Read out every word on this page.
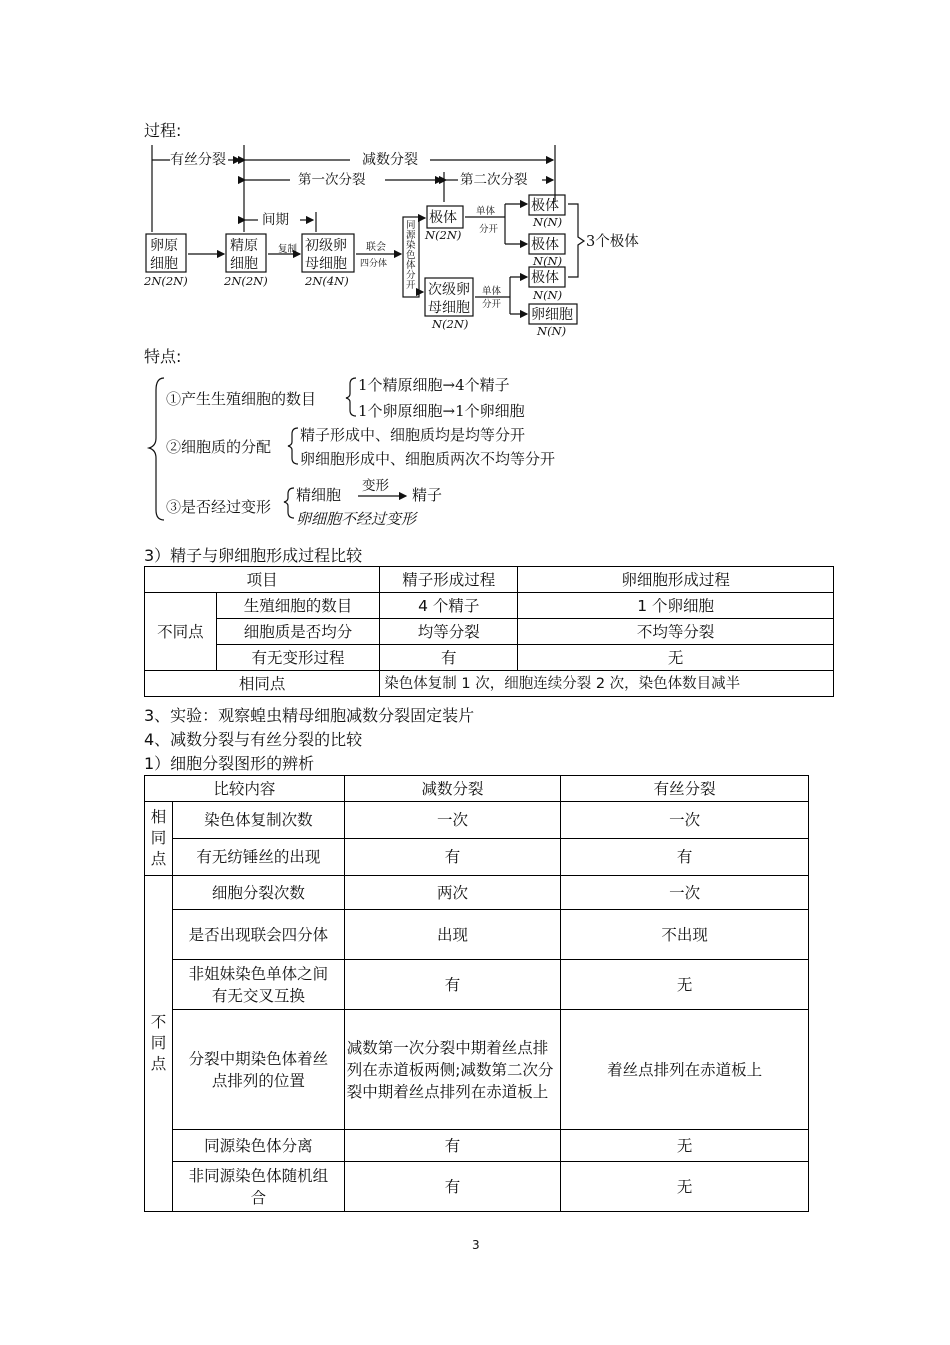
过程:
有丝分裂	减数分裂
第一次分裂	第二次分裂
间期
卵原
细胞
2N(2N)
精原
细胞
2N(2N)
初级卵
母细胞
2N(4N)
复制	联会
四分体
极体
N(2N)
次级卵
母细胞
N(2N)
单体
分开
单体
分开
极体
N(N)
极体
N(N)
极体
N(N)
卵细胞
N(N)
3个极体
同
源
染
色
体
分
开
特点:
①产生生殖细胞的数目
1个精原细胞→4个精子
1个卵原细胞→1个卵细胞
②细胞质的分配
精子形成中、细胞质均是均等分开
卵细胞形成中、细胞质两次不均等分开
③是否经过变形
精细胞 变形 精子
卵细胞不经过变形
3）精子与卵细胞形成过程比较
项目		精子形成过程	卵细胞形成过程
不同点	生殖细胞的数目	4 个精子	1 个卵细胞
	细胞质是否均分	均等分裂	不均等分裂
	有无变形过程	有	无
相同点		染色体复制 1 次，细胞连续分裂 2 次，染色体数目减半	
3、实验：观察蝗虫精母细胞减数分裂固定装片
4、减数分裂与有丝分裂的比较
1）细胞分裂图形的辨析
比较内容		减数分裂	有丝分裂
相同点	染色体复制次数	一次	一次
	有无纺锤丝的出现	有	有
不同点	细胞分裂次数	两次	一次
	是否出现联会四分体	出现	不出现
	非姐妹染色单体之间有无交叉互换	有	无
	分裂中期染色体着丝点排列的位置	减数第一次分裂中期着丝点排列在赤道板两侧;减数第二次分裂中期着丝点排列在赤道板上	着丝点排列在赤道板上
	同源染色体分离	有	无
	非同源染色体随机组合	有	无
3
